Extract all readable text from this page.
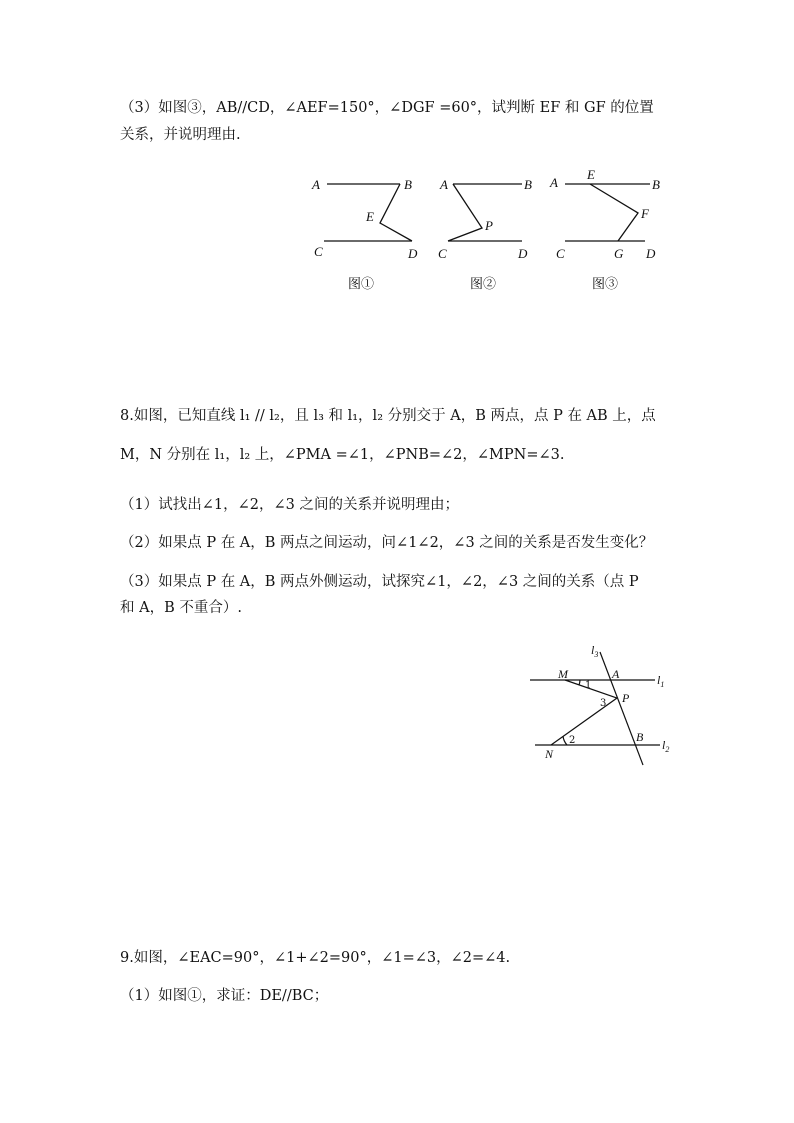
（3）如图③，AB//CD，∠AEF=150°，∠DGF =60°，试判断 EF 和 GF 的位置
关系，并说明理由.
A	B
E
C	D
图①
A	B
P
C	D
图②
A
E
B
F
C	G D
图③
8.如图，已知直线 l₁ // l₂，且 l₃ 和 l₁，l₂ 分别交于 A，B 两点，点 P 在 AB 上，点
M，N 分别在 l₁，l₂ 上，∠PMA =∠1，∠PNB=∠2，∠MPN=∠3.
（1）试找出∠1，∠2，∠3 之间的关系并说明理由；
（2）如果点 P 在 A，B 两点之间运动，问∠1∠2，∠3 之间的关系是否发生变化？
（3）如果点 P 在 A，B 两点外侧运动，试探究∠1，∠2，∠3 之间的关系（点 P
和 A，B 不重合）.
$l_3$
$l_1$
$l_2$
M	A
P
B
N
1
3
2
9.如图，∠EAC=90°，∠1+∠2=90°，∠1=∠3，∠2=∠4.
（1）如图①，求证：DE//BC；
